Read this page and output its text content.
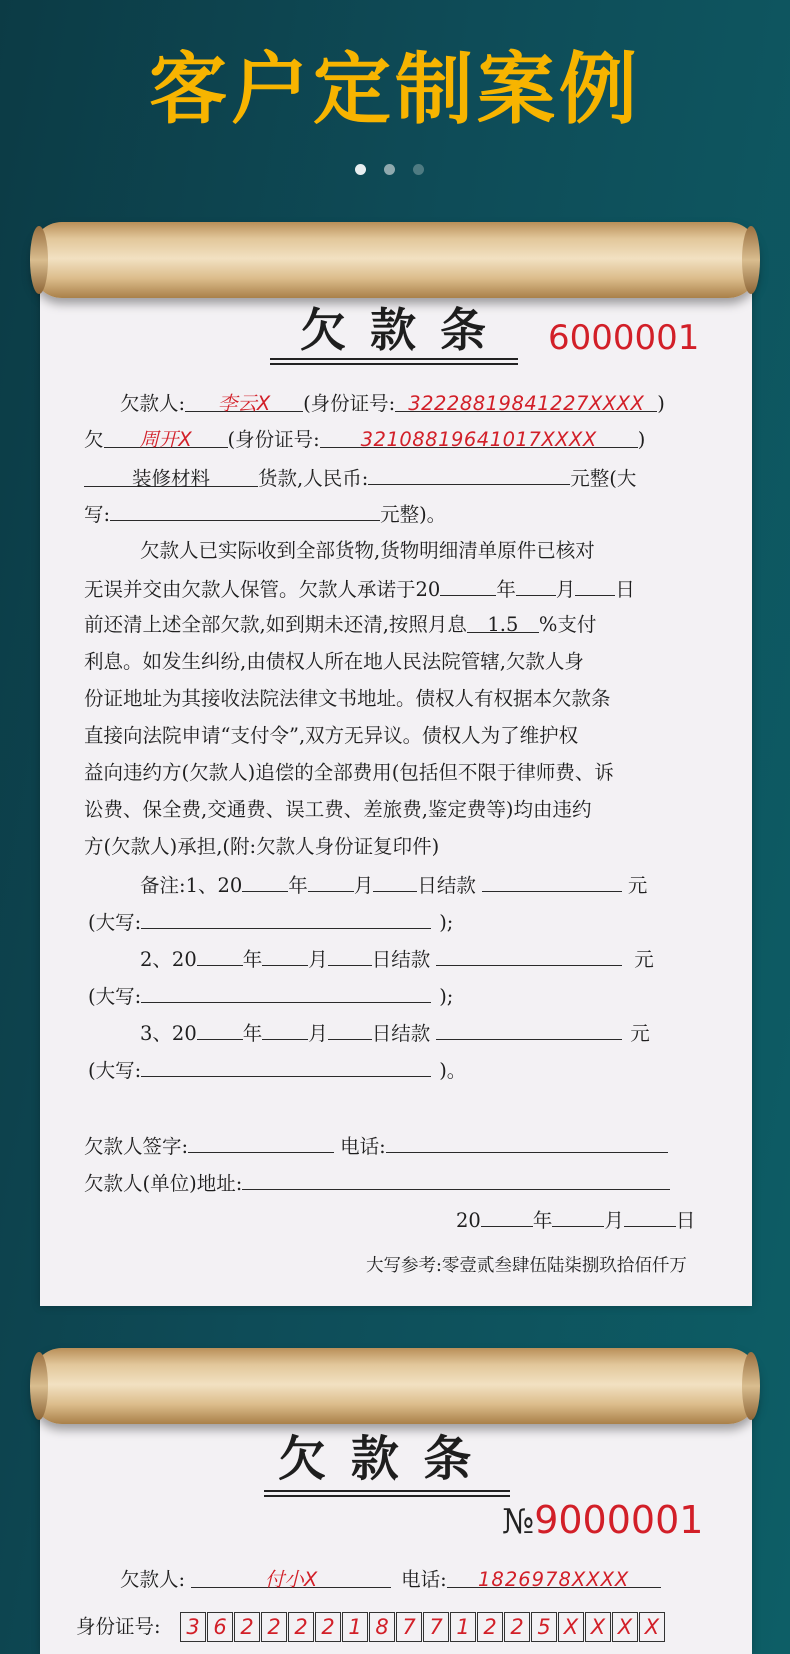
客户定制案例
欠 款 条 6000001
欠款人: 李云X (身份证号: 322288198412​27XXXX )
欠 周开X (身份证号: 32108819641017XXXX )
装修材料 货款,人民币:	元整(大
写:	元整)。
欠款人已实际收到全部货物,货物明细清单原件已核对
无误并交由欠款人保管。欠款人承诺于20	年 月 日
前还清上述全部欠款,如到期未还清,按照月息 1.5 %支付
利息。如发生纠纷,由债权人所在地人民法院管辖,欠款人身
份证地址为其接收法院法律文书地址。债权人有权据本欠款条
直接向法院申请“支付令”,双方无异议。债权人为了维护权
益向违约方(欠款人)追偿的全部费用(包括但不限于律师费、诉
讼费、保全费,交通费、误工费、差旅费,鉴定费等)均由违约
方(欠款人)承担,(附:欠款人身份证复印件)
备注:1、20 年 月 日结款	元
(大写:	);
2、20 年 月 日结款	元
(大写:	);
3、20 年 月 日结款	元
(大写:	)。
欠款人签字:	电话:
欠款人(单位)地址:
20	年	月	日
大写参考:零壹贰叁肆伍陆柒捌玖拾佰仟万
欠 款 条
№9000001
欠款人:	付小X	电话: 1826978XXXX
身份证号:	3 6 2 2 2 2 1 8 7 7 1 2 2 5 X X X X
